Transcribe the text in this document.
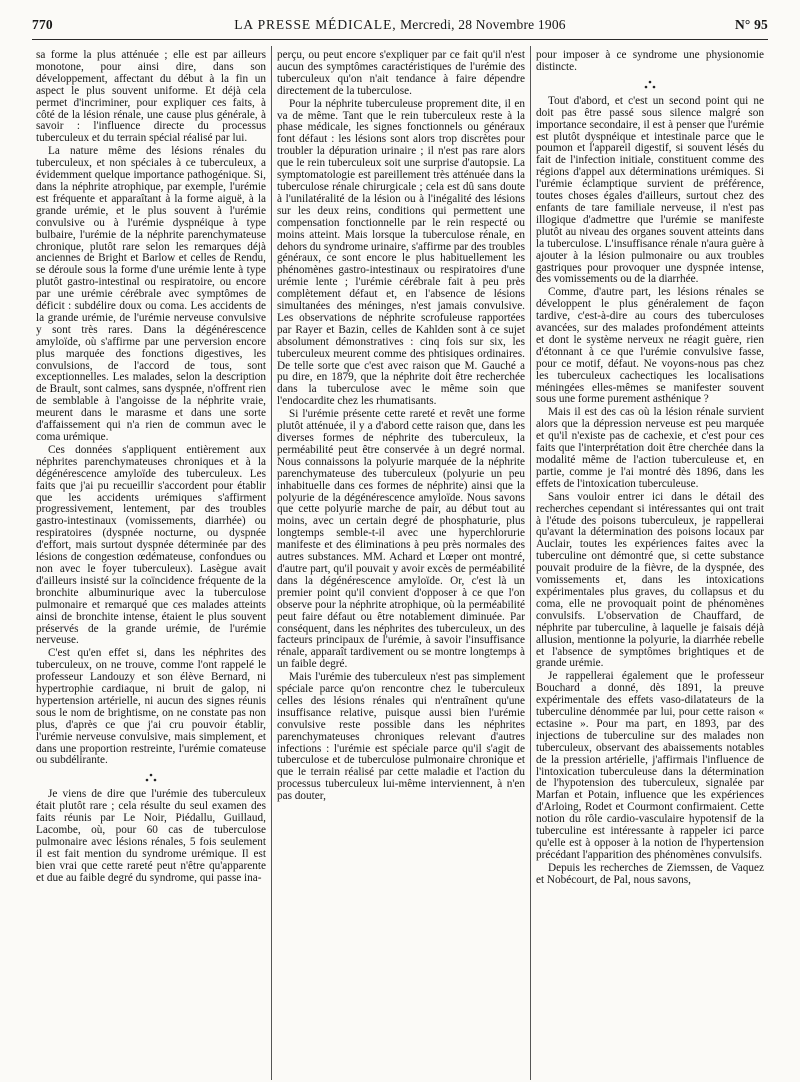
770	LA PRESSE MÉDICALE, Mercredi, 28 Novembre 1906	N° 95

sa forme la plus atténuée ; elle est par ailleurs monotone, pour ainsi dire, dans son développement, affectant du début à la fin un aspect le plus souvent uniforme. Et déjà cela permet d'incriminer, pour expliquer ces faits, à côté de la lésion rénale, une cause plus générale, à savoir : l'influence directe du processus tuberculeux et du terrain spécial réalisé par lui.

La nature même des lésions rénales du tuberculeux, et non spéciales à ce tuberculeux, a évidemment quelque importance pathogénique. Si, dans la néphrite atrophique, par exemple, l'urémie est fréquente et apparaîtant à la forme aiguë, à la grande urémie, et le plus souvent à l'urémie convulsive ou à l'urémie dyspnéique à type bulbaire, l'urémie de la néphrite parenchymateuse chronique, plutôt rare selon les remarques déjà anciennes de Bright et Barlow et celles de Rendu, se déroule sous la forme d'une urémie lente à type plutôt gastro-intestinal ou respiratoire, ou encore par une urémie cérébrale avec symptômes de déficit : subdélire doux ou coma. Les accidents de la grande urémie, de l'urémie nerveuse convulsive y sont très rares. Dans la dégénérescence amyloïde, où s'affirme par une perversion encore plus marquée des fonctions digestives, les convulsions, de l'accord de tous, sont exceptionnelles. Les malades, selon la description de Brault, sont calmes, sans dyspnée, n'offrent rien de semblable à l'angoisse de la néphrite vraie, meurent dans le marasme et dans une sorte d'affaissement qui n'a rien de commun avec le coma urémique.

Ces données s'appliquent entièrement aux néphrites parenchymateuses chroniques et à la dégénérescence amyloïde des tuberculeux. Les faits que j'ai pu recueillir s'accordent pour établir que les accidents urémiques s'affirment progressivement, lentement, par des troubles gastro-intestinaux (vomissements, diarrhée) ou respiratoires (dyspnée nocturne, ou dyspnée d'effort, mais surtout dyspnée déterminée par des lésions de congestion œdémateuse, confondues ou non avec le foyer tuberculeux). Lasègue avait d'ailleurs insisté sur la coïncidence fréquente de la bronchite albuminurique avec la tuberculose pulmonaire et remarqué que ces malades atteints ainsi de bronchite intense, étaient le plus souvent préservés de la grande urémie, de l'urémie nerveuse.

C'est qu'en effet si, dans les néphrites des tuberculeux, on ne trouve, comme l'ont rappelé le professeur Landouzy et son élève Bernard, ni hypertrophie cardiaque, ni bruit de galop, ni hypertension artérielle, ni aucun des signes réunis sous le nom de brightisme, on ne constate pas non plus, d'après ce que j'ai cru pouvoir établir, l'urémie nerveuse convulsive, mais simplement, et dans une proportion restreinte, l'urémie comateuse ou subdélirante.

Je viens de dire que l'urémie des tuberculeux était plutôt rare ; cela résulte du seul examen des faits réunis par Le Noir, Piédallu, Guillaud, Lacombe, où, pour 60 cas de tuberculose pulmonaire avec lésions rénales, 5 fois seulement il est fait mention du syndrome urémique. Il est bien vrai que cette rareté peut n'être qu'apparente et due au faible degré du syndrome, qui passe ina-

perçu, ou peut encore s'expliquer par ce fait qu'il n'est aucun des symptômes caractéristiques de l'urémie des tuberculeux qu'on n'ait tendance à faire dépendre directement de la tuberculose.

Pour la néphrite tuberculeuse proprement dite, il en va de même. Tant que le rein tuberculeux reste à la phase médicale, les signes fonctionnels ou généraux font défaut : les lésions sont alors trop discrètes pour troubler la dépuration urinaire ; il n'est pas rare alors que le rein tuberculeux soit une surprise d'autopsie. La symptomatologie est pareillement très atténuée dans la tuberculose rénale chirurgicale ; cela est dû sans doute à l'unilatéralité de la lésion ou à l'inégalité des lésions sur les deux reins, conditions qui permettent une compensation fonctionnelle par le rein respecté ou moins atteint. Mais lorsque la tuberculose rénale, en dehors du syndrome urinaire, s'affirme par des troubles généraux, ce sont encore le plus habituellement les phénomènes gastro-intestinaux ou respiratoires d'une urémie lente ; l'urémie cérébrale fait à peu près complètement défaut et, en l'absence de lésions simultanées des méninges, n'est jamais convulsive. Les observations de néphrite scrofuleuse rapportées par Rayer et Bazin, celles de Kahlden sont à ce sujet absolument démonstratives : cinq fois sur six, les tuberculeux meurent comme des phtisiques ordinaires. De telle sorte que c'est avec raison que M. Gauché a pu dire, en 1879, que la néphrite doit être recherchée dans la tuberculose avec le même soin que l'endocardite chez les rhumatisants.

Si l'urémie présente cette rareté et revêt une forme plutôt atténuée, il y a d'abord cette raison que, dans les diverses formes de néphrite des tuberculeux, la perméabilité peut être conservée à un degré normal. Nous connaissons la polyurie marquée de la néphrite parenchymateuse des tuberculeux (polyurie un peu inhabituelle dans ces formes de néphrite) ainsi que la polyurie de la dégénérescence amyloïde. Nous savons que cette polyurie marche de pair, au début tout au moins, avec un certain degré de phosphaturie, plus longtemps semble-t-il avec une hyperchlorurie manifeste et des éliminations à peu près normales des autres substances. MM. Achard et Lœper ont montré, d'autre part, qu'il pouvait y avoir excès de perméabilité dans la dégénérescence amyloïde. Or, c'est là un premier point qu'il convient d'opposer à ce que l'on observe pour la néphrite atrophique, où la perméabilité peut faire défaut ou être notablement diminuée. Par conséquent, dans les néphrites des tuberculeux, un des facteurs principaux de l'urémie, à savoir l'insuffisance rénale, apparaît tardivement ou se montre longtemps à un faible degré.

Mais l'urémie des tuberculeux n'est pas simplement spéciale parce qu'on rencontre chez le tuberculeux celles des lésions rénales qui n'entraînent qu'une insuffisance relative, puisque aussi bien l'urémie convulsive reste possible dans les néphrites parenchymateuses chroniques relevant d'autres infections : l'urémie est spéciale parce qu'il s'agit de tuberculose et de tuberculose pulmonaire chronique et que le terrain réalisé par cette maladie et l'action du processus tuberculeux lui-même interviennent, à n'en pas douter,

pour imposer à ce syndrome une physionomie distincte.

Tout d'abord, et c'est un second point qui ne doit pas être passé sous silence malgré son importance secondaire, il est à penser que l'urémie est plutôt dyspnéique et intestinale parce que le poumon et l'appareil digestif, si souvent lésés du fait de l'infection initiale, constituent comme des régions d'appel aux déterminations urémiques. Si l'urémie éclamptique survient de préférence, toutes choses égales d'ailleurs, surtout chez des enfants de tare familiale nerveuse, il n'est pas illogique d'admettre que l'urémie se manifeste plutôt au niveau des organes souvent atteints dans la tuberculose. L'insuffisance rénale n'aura guère à ajouter à la lésion pulmonaire ou aux troubles gastriques pour provoquer une dyspnée intense, des vomissements ou de la diarrhée.

Comme, d'autre part, les lésions rénales se développent le plus généralement de façon tardive, c'est-à-dire au cours des tuberculoses avancées, sur des malades profondément atteints et dont le système nerveux ne réagit guère, rien d'étonnant à ce que l'urémie convulsive fasse, pour ce motif, défaut. Ne voyons-nous pas chez les tuberculeux cachectiques les localisations méningées elles-mêmes se manifester souvent sous une forme purement asthénique ?

Mais il est des cas où la lésion rénale survient alors que la dépression nerveuse est peu marquée et qu'il n'existe pas de cachexie, et c'est pour ces faits que l'interprétation doit être cherchée dans la modalité même de l'action tuberculeuse et, en partie, comme je l'ai montré dès 1896, dans les effets de l'intoxication tuberculeuse.

Sans vouloir entrer ici dans le détail des recherches cependant si intéressantes qui ont trait à l'étude des poisons tuberculeux, je rappellerai qu'avant la détermination des poisons locaux par Auclair, toutes les expériences faites avec la tuberculine ont démontré que, si cette substance pouvait produire de la fièvre, de la dyspnée, des vomissements et, dans les intoxications expérimentales plus graves, du collapsus et du coma, elle ne provoquait point de phénomènes convulsifs. L'observation de Chauffard, de néphrite par tuberculine, à laquelle je faisais déjà allusion, mentionne la polyurie, la diarrhée rebelle et l'absence de symptômes brightiques et de grande urémie.

Je rappellerai également que le professeur Bouchard a donné, dès 1891, la preuve expérimentale des effets vaso-dilatateurs de la tuberculine dénommée par lui, pour cette raison « ectasine ». Pour ma part, en 1893, par des injections de tuberculine sur des malades non tuberculeux, observant des abaissements notables de la pression artérielle, j'affirmais l'influence de l'intoxication tuberculeuse dans la détermination de l'hypotension des tuberculeux, signalée par Marfan et Potain, influence que les expériences d'Arloing, Rodet et Courmont confirmaient. Cette notion du rôle cardio-vasculaire hypotensif de la tuberculine est intéressante à rappeler ici parce qu'elle est à opposer à la notion de l'hypertension précédant l'apparition des phénomènes convulsifs.

Depuis les recherches de Ziemssen, de Vaquez et Nobécourt, de Pal, nous savons,
